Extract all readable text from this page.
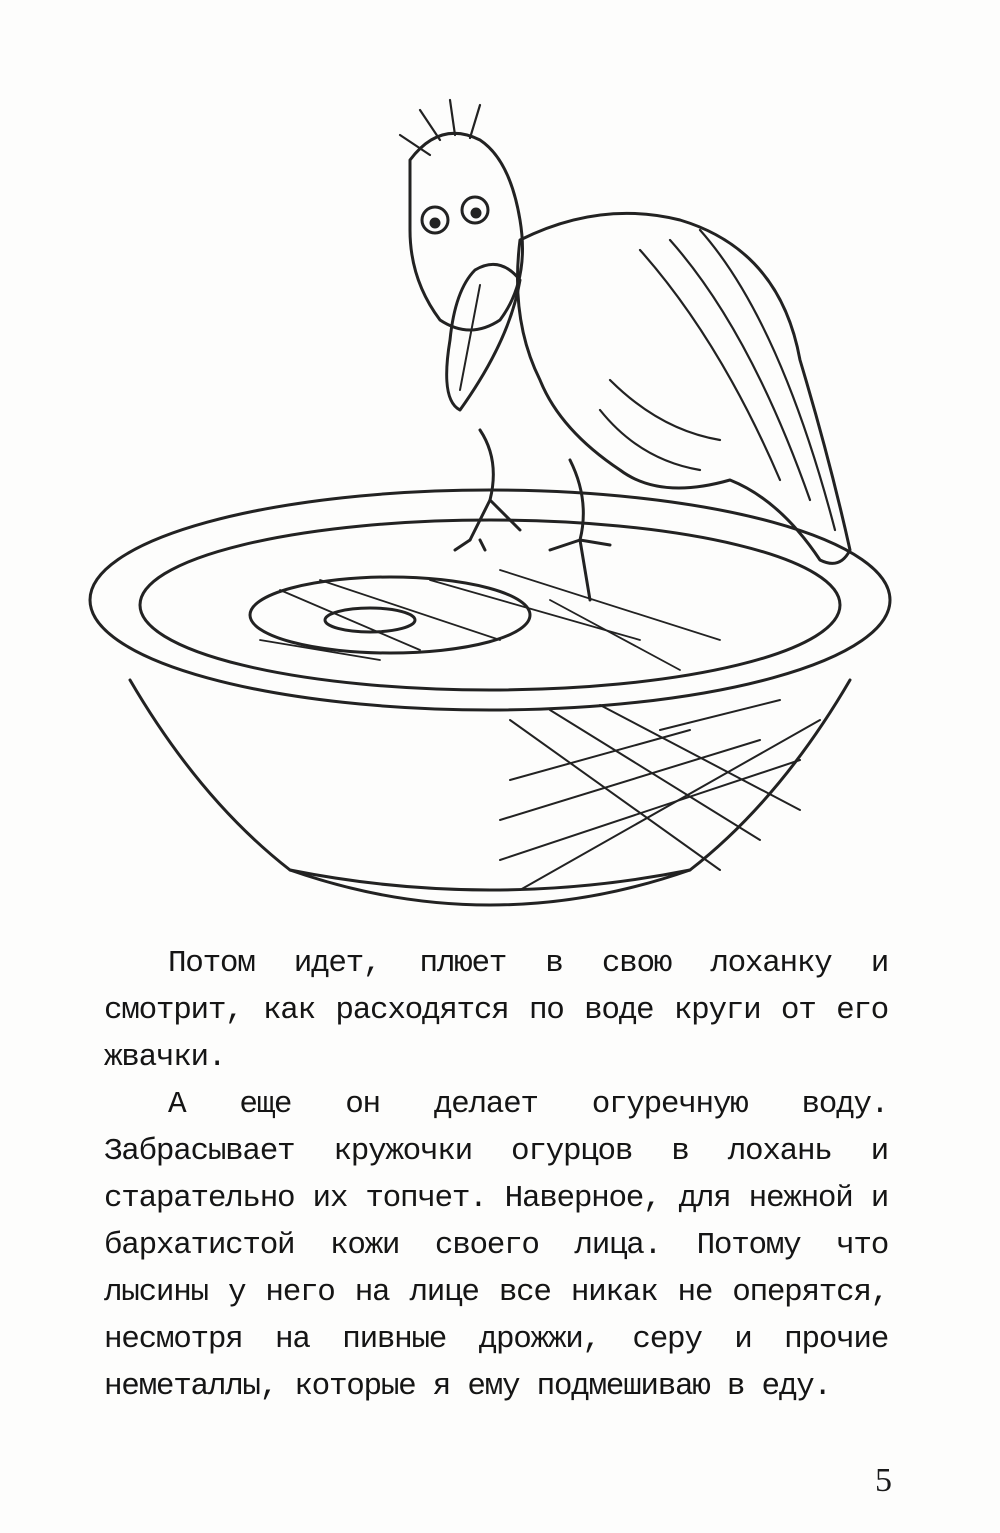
Потом идет, плюет в свою лоханку и смотрит, как расходятся по воде круги от его жвачки.

А еще он делает огуречную воду. Забрасывает кружочки огурцов в лохань и старательно их топчет. Наверное, для нежной и бархатистой кожи своего лица. Потому что лысины у него на лице все никак не оперятся, несмотря на пивные дрожжи, серу и прочие неметаллы, которые я ему подмешиваю в еду.

5
